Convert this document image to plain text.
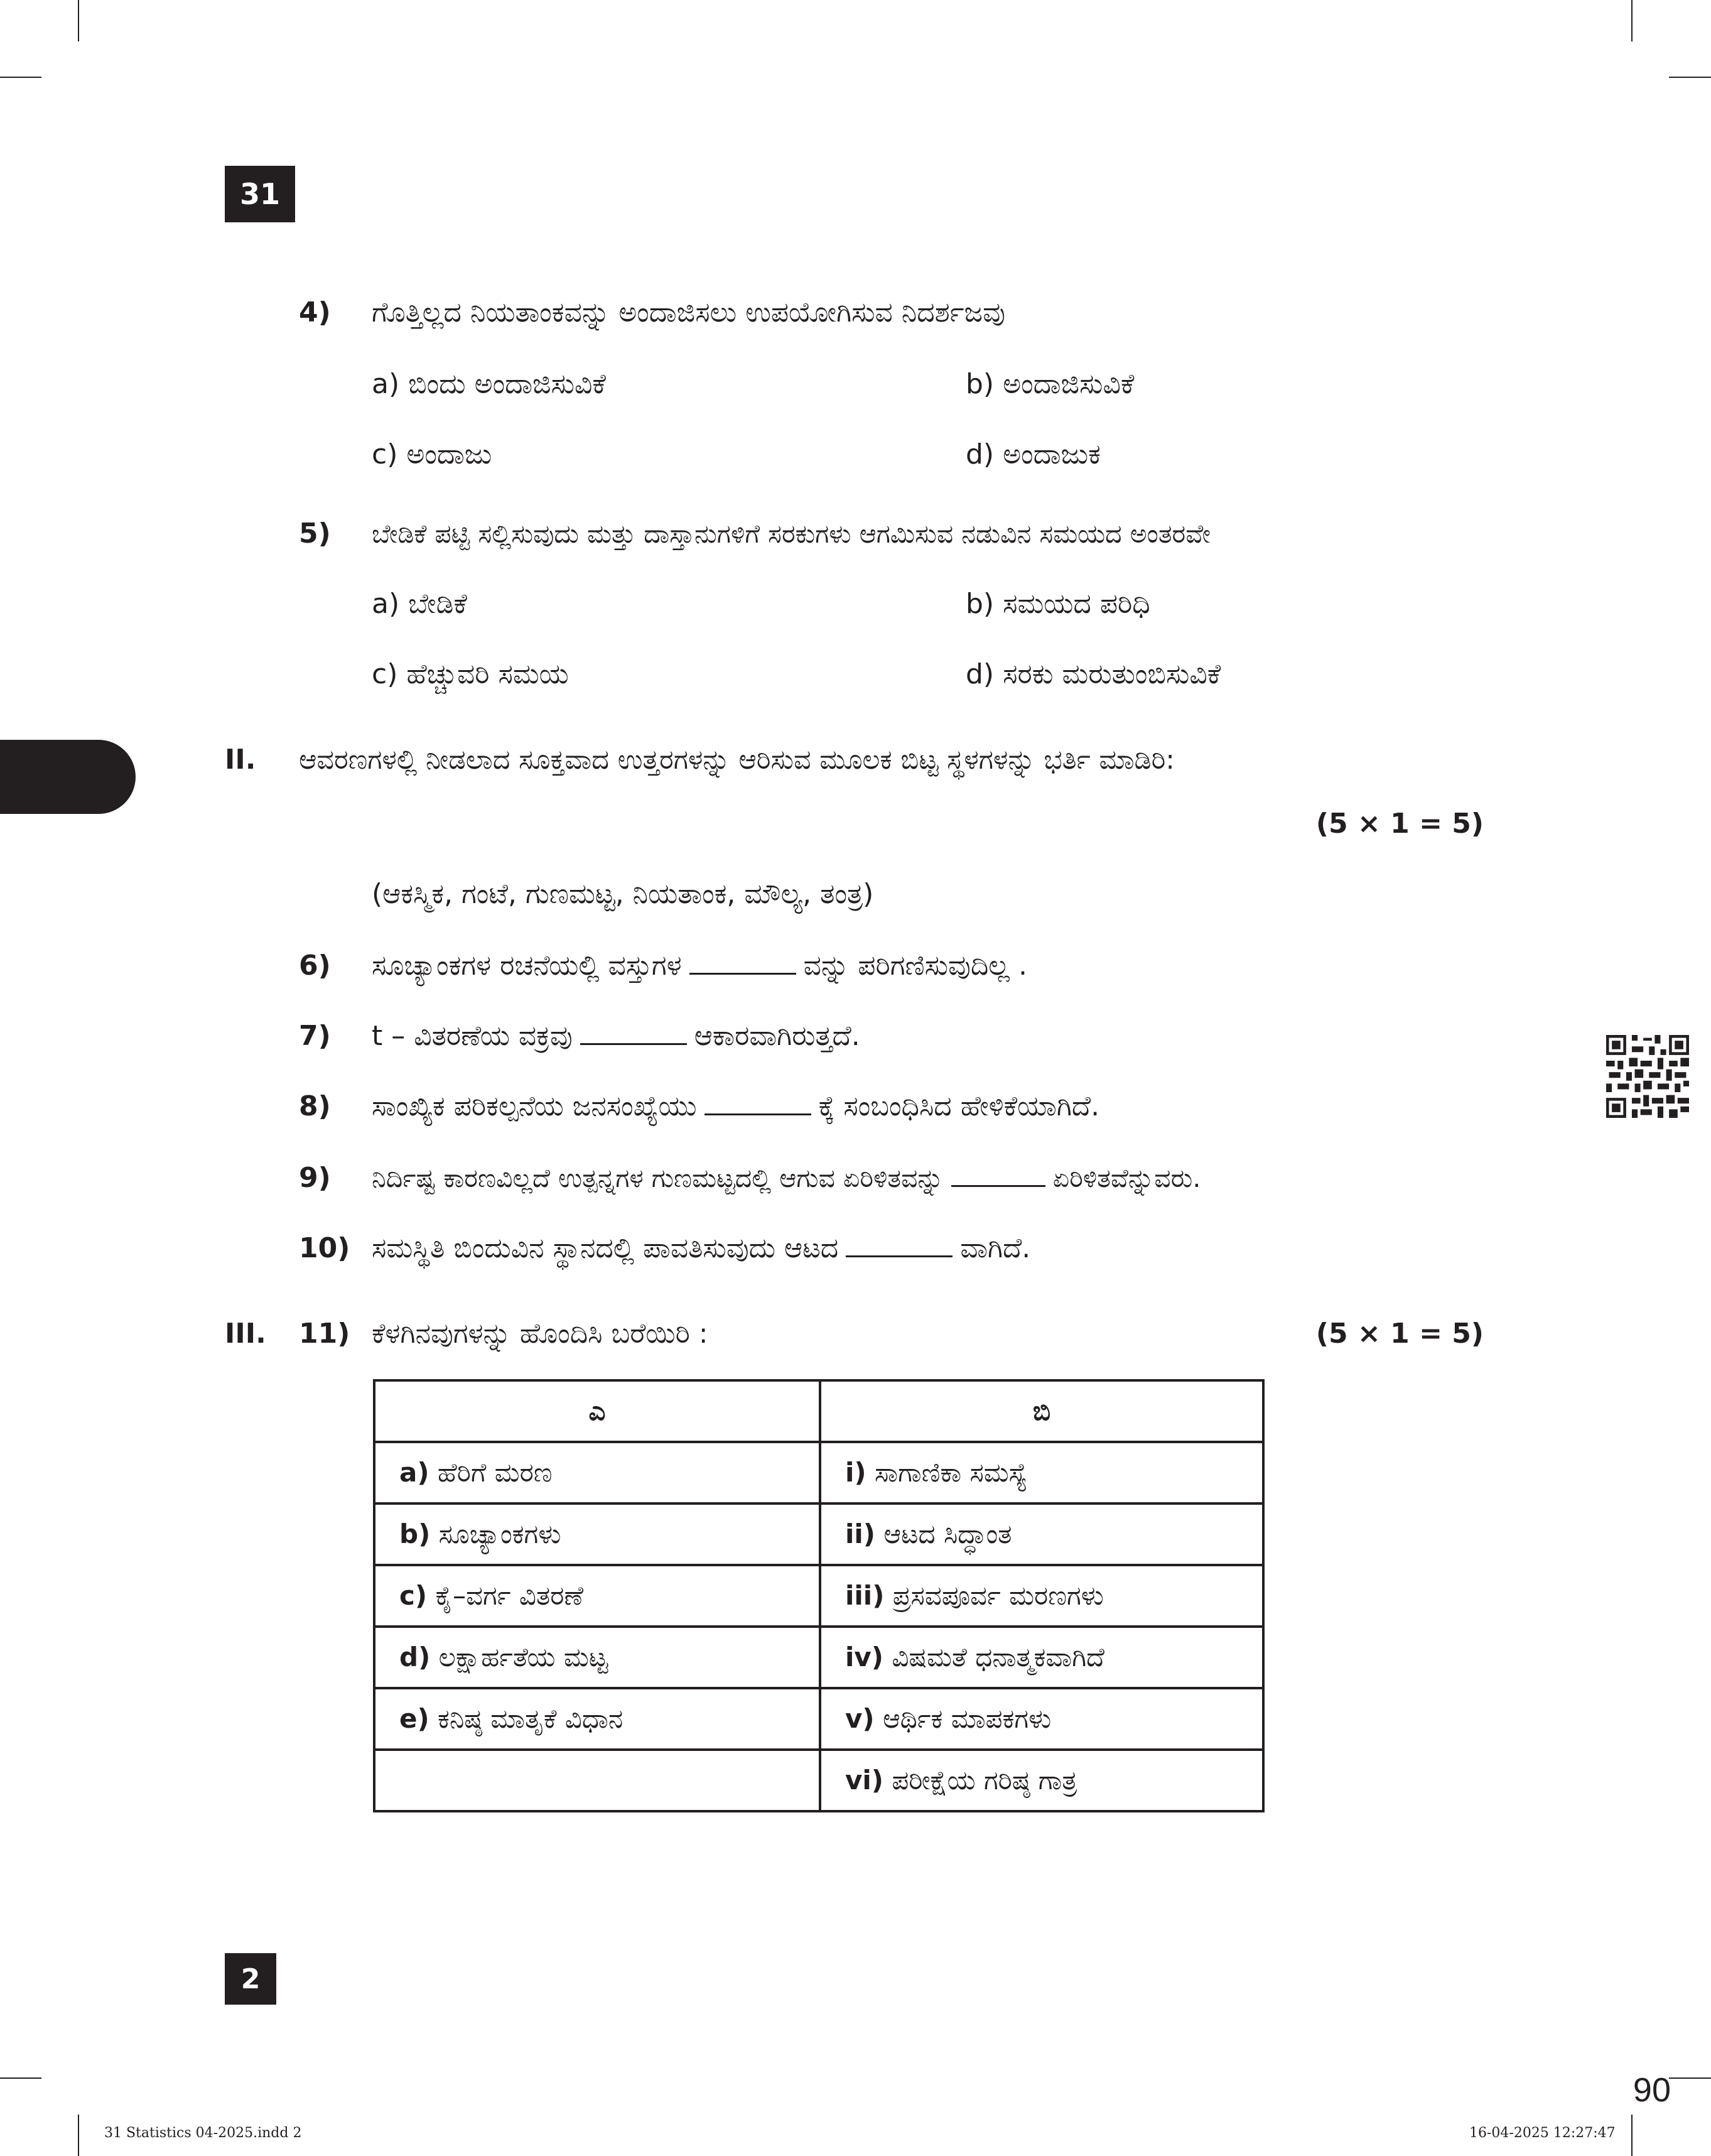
31
4) ಗೊತ್ತಿಲ್ಲದ ನಿಯತಾಂಕವನ್ನು ಅಂದಾಜಿಸಲು ಉಪಯೋಗಿಸುವ ನಿದರ್ಶಜವು
a) ಬಿಂದು ಅಂದಾಜಿಸುವಿಕೆ	b) ಅಂದಾಜಿಸುವಿಕೆ
c) ಅಂದಾಜು	d) ಅಂದಾಜುಕ
5) ಬೇಡಿಕೆ ಪಟ್ಟಿ ಸಲ್ಲಿಸುವುದು ಮತ್ತು ದಾಸ್ತಾನುಗಳಿಗೆ ಸರಕುಗಳು ಆಗಮಿಸುವ ನಡುವಿನ ಸಮಯದ ಅಂತರವೇ
a) ಬೇಡಿಕೆ	b) ಸಮಯದ ಪರಿಧಿ
c) ಹೆಚ್ಚುವರಿ ಸಮಯ	d) ಸರಕು ಮರುತುಂಬಿಸುವಿಕೆ
II. ಆವರಣಗಳಲ್ಲಿ ನೀಡಲಾದ ಸೂಕ್ತವಾದ ಉತ್ತರಗಳನ್ನು ಆರಿಸುವ ಮೂಲಕ ಬಿಟ್ಟ ಸ್ಥಳಗಳನ್ನು ಭರ್ತಿ ಮಾಡಿರಿ:
(5 × 1 = 5)
(ಆಕಸ್ಮಿಕ, ಗಂಟೆ, ಗುಣಮಟ್ಟ, ನಿಯತಾಂಕ, ಮೌಲ್ಯ, ತಂತ್ರ)
6) ಸೂಚ್ಯಾಂಕಗಳ ರಚನೆಯಲ್ಲಿ ವಸ್ತುಗಳ	ವನ್ನು ಪರಿಗಣಿಸುವುದಿಲ್ಲ .
7) t – ವಿತರಣೆಯ ವಕ್ರವು	ಆಕಾರವಾಗಿರುತ್ತದೆ.
8) ಸಾಂಖ್ಯಿಕ ಪರಿಕಲ್ಪನೆಯ ಜನಸಂಖ್ಯೆಯು	ಕ್ಕೆ ಸಂಬಂಧಿಸಿದ ಹೇಳಿಕೆಯಾಗಿದೆ.
9) ನಿರ್ದಿಷ್ಟ ಕಾರಣವಿಲ್ಲದೆ ಉತ್ಪನ್ನಗಳ ಗುಣಮಟ್ಟದಲ್ಲಿ ಆಗುವ ಏರಿಳಿತವನ್ನು	ಏರಿಳಿತವೆನ್ನುವರು.
10) ಸಮಸ್ಥಿತಿ ಬಿಂದುವಿನ ಸ್ಥಾನದಲ್ಲಿ ಪಾವತಿಸುವುದು ಆಟದ	ವಾಗಿದೆ.
III. 11) ಕೆಳಗಿನವುಗಳನ್ನು ಹೊಂದಿಸಿ ಬರೆಯಿರಿ :	(5 × 1 = 5)
ಎ	ಬಿ
a) ಹೆರಿಗೆ ಮರಣ	i) ಸಾಗಾಣಿಕಾ ಸಮಸ್ಯೆ
b) ಸೂಚ್ಯಾಂಕಗಳು	ii) ಆಟದ ಸಿದ್ಧಾಂತ
c) ಕೈ–ವರ್ಗ ವಿತರಣೆ	iii) ಪ್ರಸವಪೂರ್ವ ಮರಣಗಳು
d) ಲಕ್ಷಾರ್ಹತೆಯ ಮಟ್ಟ	iv) ವಿಷಮತೆ ಧನಾತ್ಮಕವಾಗಿದೆ
e) ಕನಿಷ್ಠ ಮಾತೃಕೆ ವಿಧಾನ	v) ಆರ್ಥಿಕ ಮಾಪಕಗಳು
	vi) ಪರೀಕ್ಷೆಯ ಗರಿಷ್ಠ ಗಾತ್ರ
2
90
31 Statistics 04-2025.indd 2	16-04-2025 12:27:47
